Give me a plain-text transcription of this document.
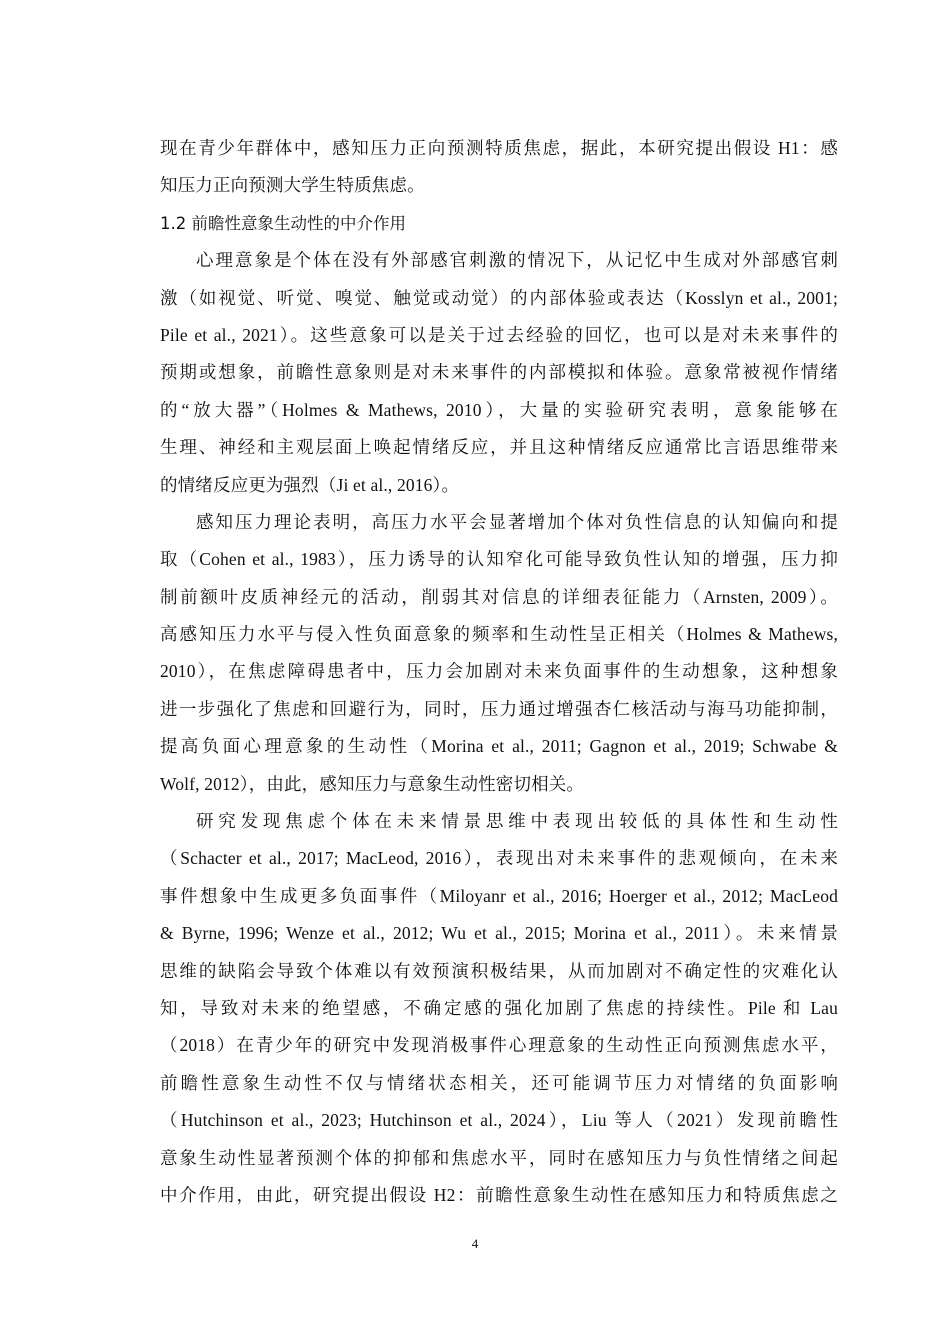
现在青少年群体中，感知压力正向预测特质焦虑，据此，本研究提出假设 H1：感
知压力正向预测大学生特质焦虑。
1.2 前瞻性意象生动性的中介作用
心理意象是个体在没有外部感官刺激的情况下，从记忆中生成对外部感官刺
激（如视觉、听觉、嗅觉、触觉或动觉）的内部体验或表达（Kosslyn et al., 2001;
Pile et al., 2021）。这些意象可以是关于过去经验的回忆，也可以是对未来事件的
预期或想象，前瞻性意象则是对未来事件的内部模拟和体验。意象常被视作情绪
的“放大器”（Holmes & Mathews, 2010），大量的实验研究表明，意象能够在
生理、神经和主观层面上唤起情绪反应，并且这种情绪反应通常比言语思维带来
的情绪反应更为强烈（Ji et al., 2016）。
感知压力理论表明，高压力水平会显著增加个体对负性信息的认知偏向和提
取（Cohen et al., 1983），压力诱导的认知窄化可能导致负性认知的增强，压力抑
制前额叶皮质神经元的活动，削弱其对信息的详细表征能力（Arnsten, 2009）。
高感知压力水平与侵入性负面意象的频率和生动性呈正相关（Holmes & Mathews,
2010），在焦虑障碍患者中，压力会加剧对未来负面事件的生动想象，这种想象
进一步强化了焦虑和回避行为，同时，压力通过增强杏仁核活动与海马功能抑制，
提高负面心理意象的生动性（Morina et al., 2011; Gagnon et al., 2019; Schwabe &
Wolf, 2012），由此，感知压力与意象生动性密切相关。
研究发现焦虑个体在未来情景思维中表现出较低的具体性和生动性
（Schacter et al., 2017; MacLeod, 2016），表现出对未来事件的悲观倾向，在未来
事件想象中生成更多负面事件（Miloyanr et al., 2016; Hoerger et al., 2012; MacLeod
& Byrne, 1996; Wenze et al., 2012; Wu et al., 2015; Morina et al., 2011）。未来情景
思维的缺陷会导致个体难以有效预演积极结果，从而加剧对不确定性的灾难化认
知，导致对未来的绝望感，不确定感的强化加剧了焦虑的持续性。Pile 和 Lau
（2018）在青少年的研究中发现消极事件心理意象的生动性正向预测焦虑水平，
前瞻性意象生动性不仅与情绪状态相关，还可能调节压力对情绪的负面影响
（Hutchinson et al., 2023; Hutchinson et al., 2024），Liu 等人（2021）发现前瞻性
意象生动性显著预测个体的抑郁和焦虑水平，同时在感知压力与负性情绪之间起
中介作用，由此，研究提出假设 H2：前瞻性意象生动性在感知压力和特质焦虑之
4
